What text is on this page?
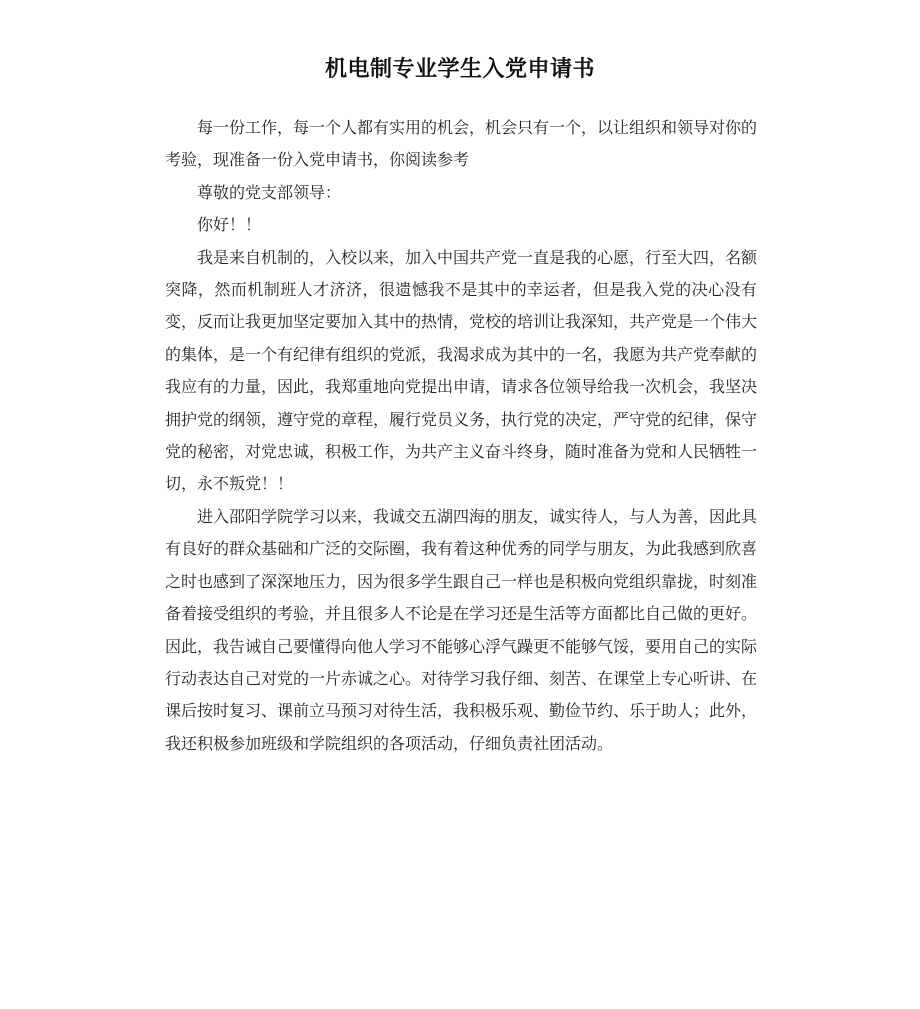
机电制专业学生入党申请书

每一份工作，每一个人都有实用的机会，机会只有一个，以让组织和领导对你的考验，现准备一份入党申请书，你阅读参考

尊敬的党支部领导：

你好！！

我是来自机制的，入校以来，加入中国共产党一直是我的心愿，行至大四，名额突降，然而机制班人才济济，很遗憾我不是其中的幸运者，但是我入党的决心没有变，反而让我更加坚定要加入其中的热情，党校的培训让我深知，共产党是一个伟大的集体，是一个有纪律有组织的党派，我渴求成为其中的一名，我愿为共产党奉献的我应有的力量，因此，我郑重地向党提出申请，请求各位领导给我一次机会，我坚决拥护党的纲领，遵守党的章程，履行党员义务，执行党的决定，严守党的纪律，保守党的秘密，对党忠诚，积极工作，为共产主义奋斗终身，随时准备为党和人民牺牲一切，永不叛党！！

进入邵阳学院学习以来，我诚交五湖四海的朋友，诚实待人，与人为善，因此具有良好的群众基础和广泛的交际圈，我有着这种优秀的同学与朋友，为此我感到欣喜之时也感到了深深地压力，因为很多学生跟自己一样也是积极向党组织靠拢，时刻准备着接受组织的考验，并且很多人不论是在学习还是生活等方面都比自己做的更好。因此，我告诫自己要懂得向他人学习不能够心浮气躁更不能够气馁，要用自己的实际行动表达自己对党的一片赤诚之心。对待学习我仔细、刻苦、在课堂上专心听讲、在课后按时复习、课前立马预习对待生活，我积极乐观、勤俭节约、乐于助人；此外，我还积极参加班级和学院组织的各项活动，仔细负责社团活动。
